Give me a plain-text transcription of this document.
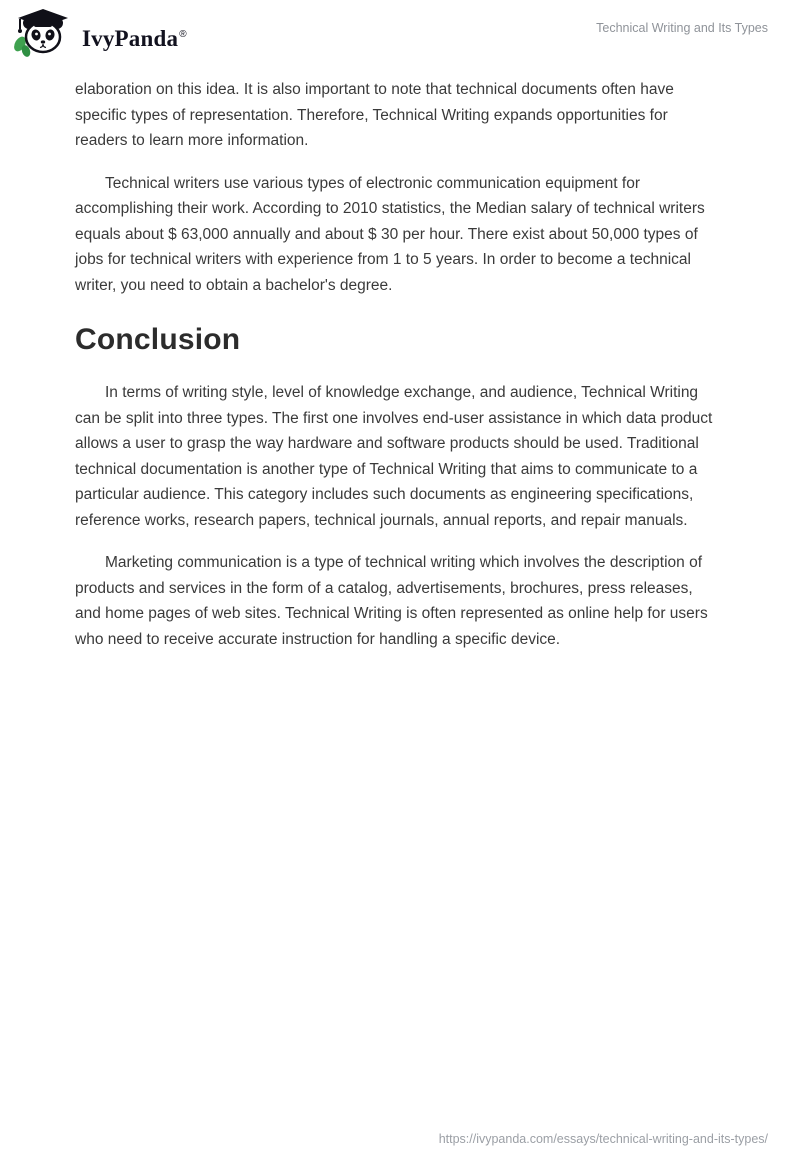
IvyPanda®	Technical Writing and Its Types

elaboration on this idea. It is also important to note that technical documents often have specific types of representation. Therefore, Technical Writing expands opportunities for readers to learn more information.

Technical writers use various types of electronic communication equipment for accomplishing their work. According to 2010 statistics, the Median salary of technical writers equals about $ 63,000 annually and about $ 30 per hour. There exist about 50,000 types of jobs for technical writers with experience from 1 to 5 years. In order to become a technical writer, you need to obtain a bachelor's degree.

Conclusion

In terms of writing style, level of knowledge exchange, and audience, Technical Writing can be split into three types. The first one involves end-user assistance in which data product allows a user to grasp the way hardware and software products should be used. Traditional technical documentation is another type of Technical Writing that aims to communicate to a particular audience. This category includes such documents as engineering specifications, reference works, research papers, technical journals, annual reports, and repair manuals.

Marketing communication is a type of technical writing which involves the description of products and services in the form of a catalog, advertisements, brochures, press releases, and home pages of web sites. Technical Writing is often represented as online help for users who need to receive accurate instruction for handling a specific device.

https://ivypanda.com/essays/technical-writing-and-its-types/
